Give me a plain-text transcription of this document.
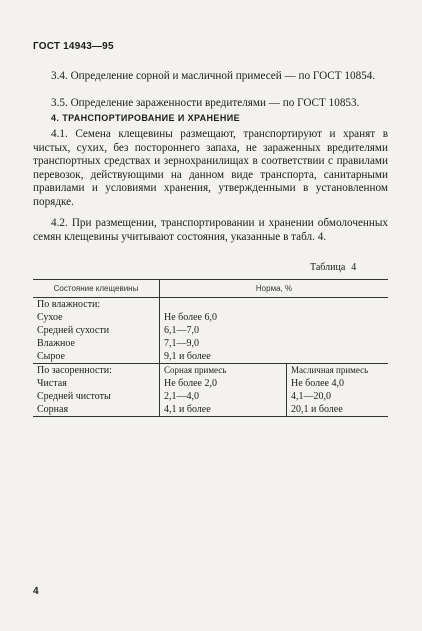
ГОСТ 14943—95
3.4. Определение сорной и масличной примесей — по ГОСТ 10854.
3.5. Определение зараженности вредителями — по ГОСТ 10853.
4. ТРАНСПОРТИРОВАНИЕ И ХРАНЕНИЕ
4.1. Семена клещевины размещают, транспортируют и хранят в чистых, сухих, без постороннего запаха, не зараженных вредителями транспортных средствах и зернохранилищах в соответствии с правилами перевозок, действующими на данном виде транспорта, санитарными правилами и условиями хранения, утвержденными в установленном порядке.
4.2. При размещении, транспортировании и хранении обмолоченных семян клещевины учитывают состояния, указанные в табл. 4.
Таблица 4
Состояние клещевины	Норма, %	
По влажности:		
Сухое	Не более 6,0	
Средней сухости	6,1—7,0	
Влажное	7,1—9,0	
Сырое	9,1 и более	
По засоренности:	Сорная примесь	Масличная примесь
Чистая	Не более 2,0	Не более 4,0
Средней чистоты	2,1—4,0	4,1—20,0
Сорная	4,1 и более	20,1 и более
4
